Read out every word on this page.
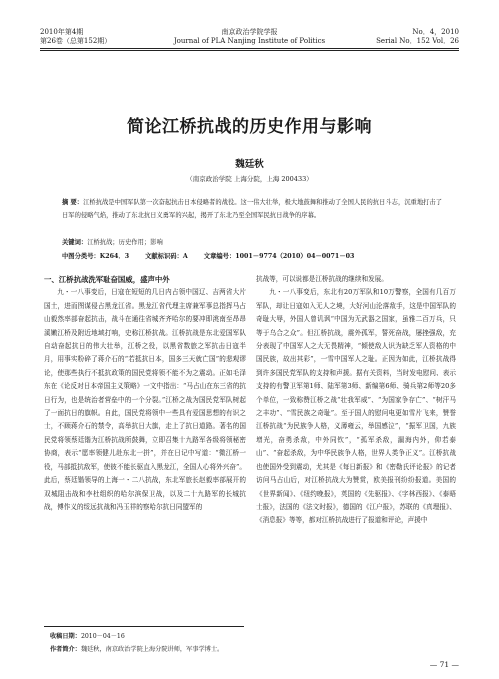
2010年第4期
第26卷（总第152期）
南京政治学院学报
Journal of PLA Nanjing Institute of Politics
No．4，2010
Serial No．152 Vol．26
简论江桥抗战的历史作用与影响
魏廷秋
（南京政治学院 上海分院，上海 200433）
摘 要：江桥抗战是中国军队第一次奋起抗击日本侵略者的战役。这一伟大壮举，极大地鼓舞和推动了全国人民的抗日斗志，沉重地打击了日军的侵略气焰，推动了东北抗日义勇军的兴起，揭开了东北乃至全国军民抗日战争的序幕。
关键词：江桥抗战；历史作用；影响
中图分类号：K264．3	文献标识码：A	文章编号：1001－9774（2010）04－0071－03

一、江桥抗战洗军耻奋国威，盛声中外

九・一八事变后，日寇在短短的几日内占领中国辽、吉两省大片国土，进而图谋侵占黑龙江省。黑龙江省代理主席兼军事总指挥马占山毅然率部奋起抗击，战斗在通往省城齐齐哈尔的要冲即洮南至昂昂溪嫩江桥及附近地域打响，史称江桥抗战。江桥抗战是东北爱国军队自动奋起抗日的伟大壮举，江桥之役，以黑省数旅之军抗击日寇半月，用事实粉碎了蒋介石的“若抵抗日本，国多三天就亡国”的悲观谬论，使那些执行不抵抗政策的国民党将领不能不为之震动。正如毛泽东在《论反对日本帝国主义策略》一文中指出：“马占山在东三省的抗日行为，也是统治者营垒中的一个分裂。”江桥之战为国民党军队树起了一面抗日的旗帜。自此，国民党将领中一些具有爱国思想的有识之士，不顾蒋介石的禁令，高举抗日大旗，走上了抗日道路。著名的国民党将领蔡廷锴为江桥抗战所鼓舞，立即召集十九路军各级将领秘密协商，表示“愿率领健儿赴东北一拼”，并在日记中写道：“微江桥一役，马部抵抗敌军，使彼不能长驱直入黑龙江，全国人心将外兴奋”。此后，蔡廷锴领导的上海一・二八抗战，东北军旅长赵毅率部展开的双城阻击战和李杜组织的哈尔滨保卫战，以及二十九路军的长城抗战，傅作义的绥远抗战和冯玉祥的察哈尔抗日同盟军的

抗战等，可以说都是江桥抗战的继续和发展。

九・一八事变后，东北有20万军队和10万警察，全国有几百万军队，却让日寇如入无人之境，大好河山沦落敌手，这是中国军队的奇耻大辱，外国人曾讥讽“中国为无武器之国家，虽雅二百万兵，只等于乌合之众”。但江桥抗战，震外孤军，誓死奋战，屡挫强敌，充分表现了中国军人之大无畏精神，“倾使敌人识为缺乏军人资格的中国民族，故出其彩”，一雪中国军人之耻。正因为如此，江桥抗战得到许多国民党军队的支持和声援。据有关资料，当时发电慰问、表示支持的有警卫军第1师、陆军第3师、新编第6师、骑兵第2师等20多个单位，一致称赞江桥之战“壮我军威”、“为国家争存亡”、“树汗马之丰功”、“雪民族之奇耻”。至于国人的慰问电更如雪片飞来，赞誉江桥抗战“为民族争人格，义薄雍云，举国感泣”，“振军卫国，九族增光，奋勇杀敌，中外同钦”，“孤军杀敌，漏海内外，仰若泰山”、“奋起杀敌，为中华民族争人格，世界人类争正义”。江桥抗战也使国外受到震动，尤其是《每日新报》和《密勒氏评论报》的记者访问马占山后，对江桥抗战大为赞赏，欧美报刊纷纷报道。美国的《世界新闻》、《纽约晚报》，英国的《先驱报》、《字林西报》、《泰晤士报》，法国的《法文时报》，德国的《江户报》，苏联的《真理报》、《消息报》等等，都对江桥抗战进行了报道和评论，声援中

收稿日期：2010－04－16
作者简介：魏廷秋，南京政治学院上海分院讲师，军事学博士。
— 71 —
